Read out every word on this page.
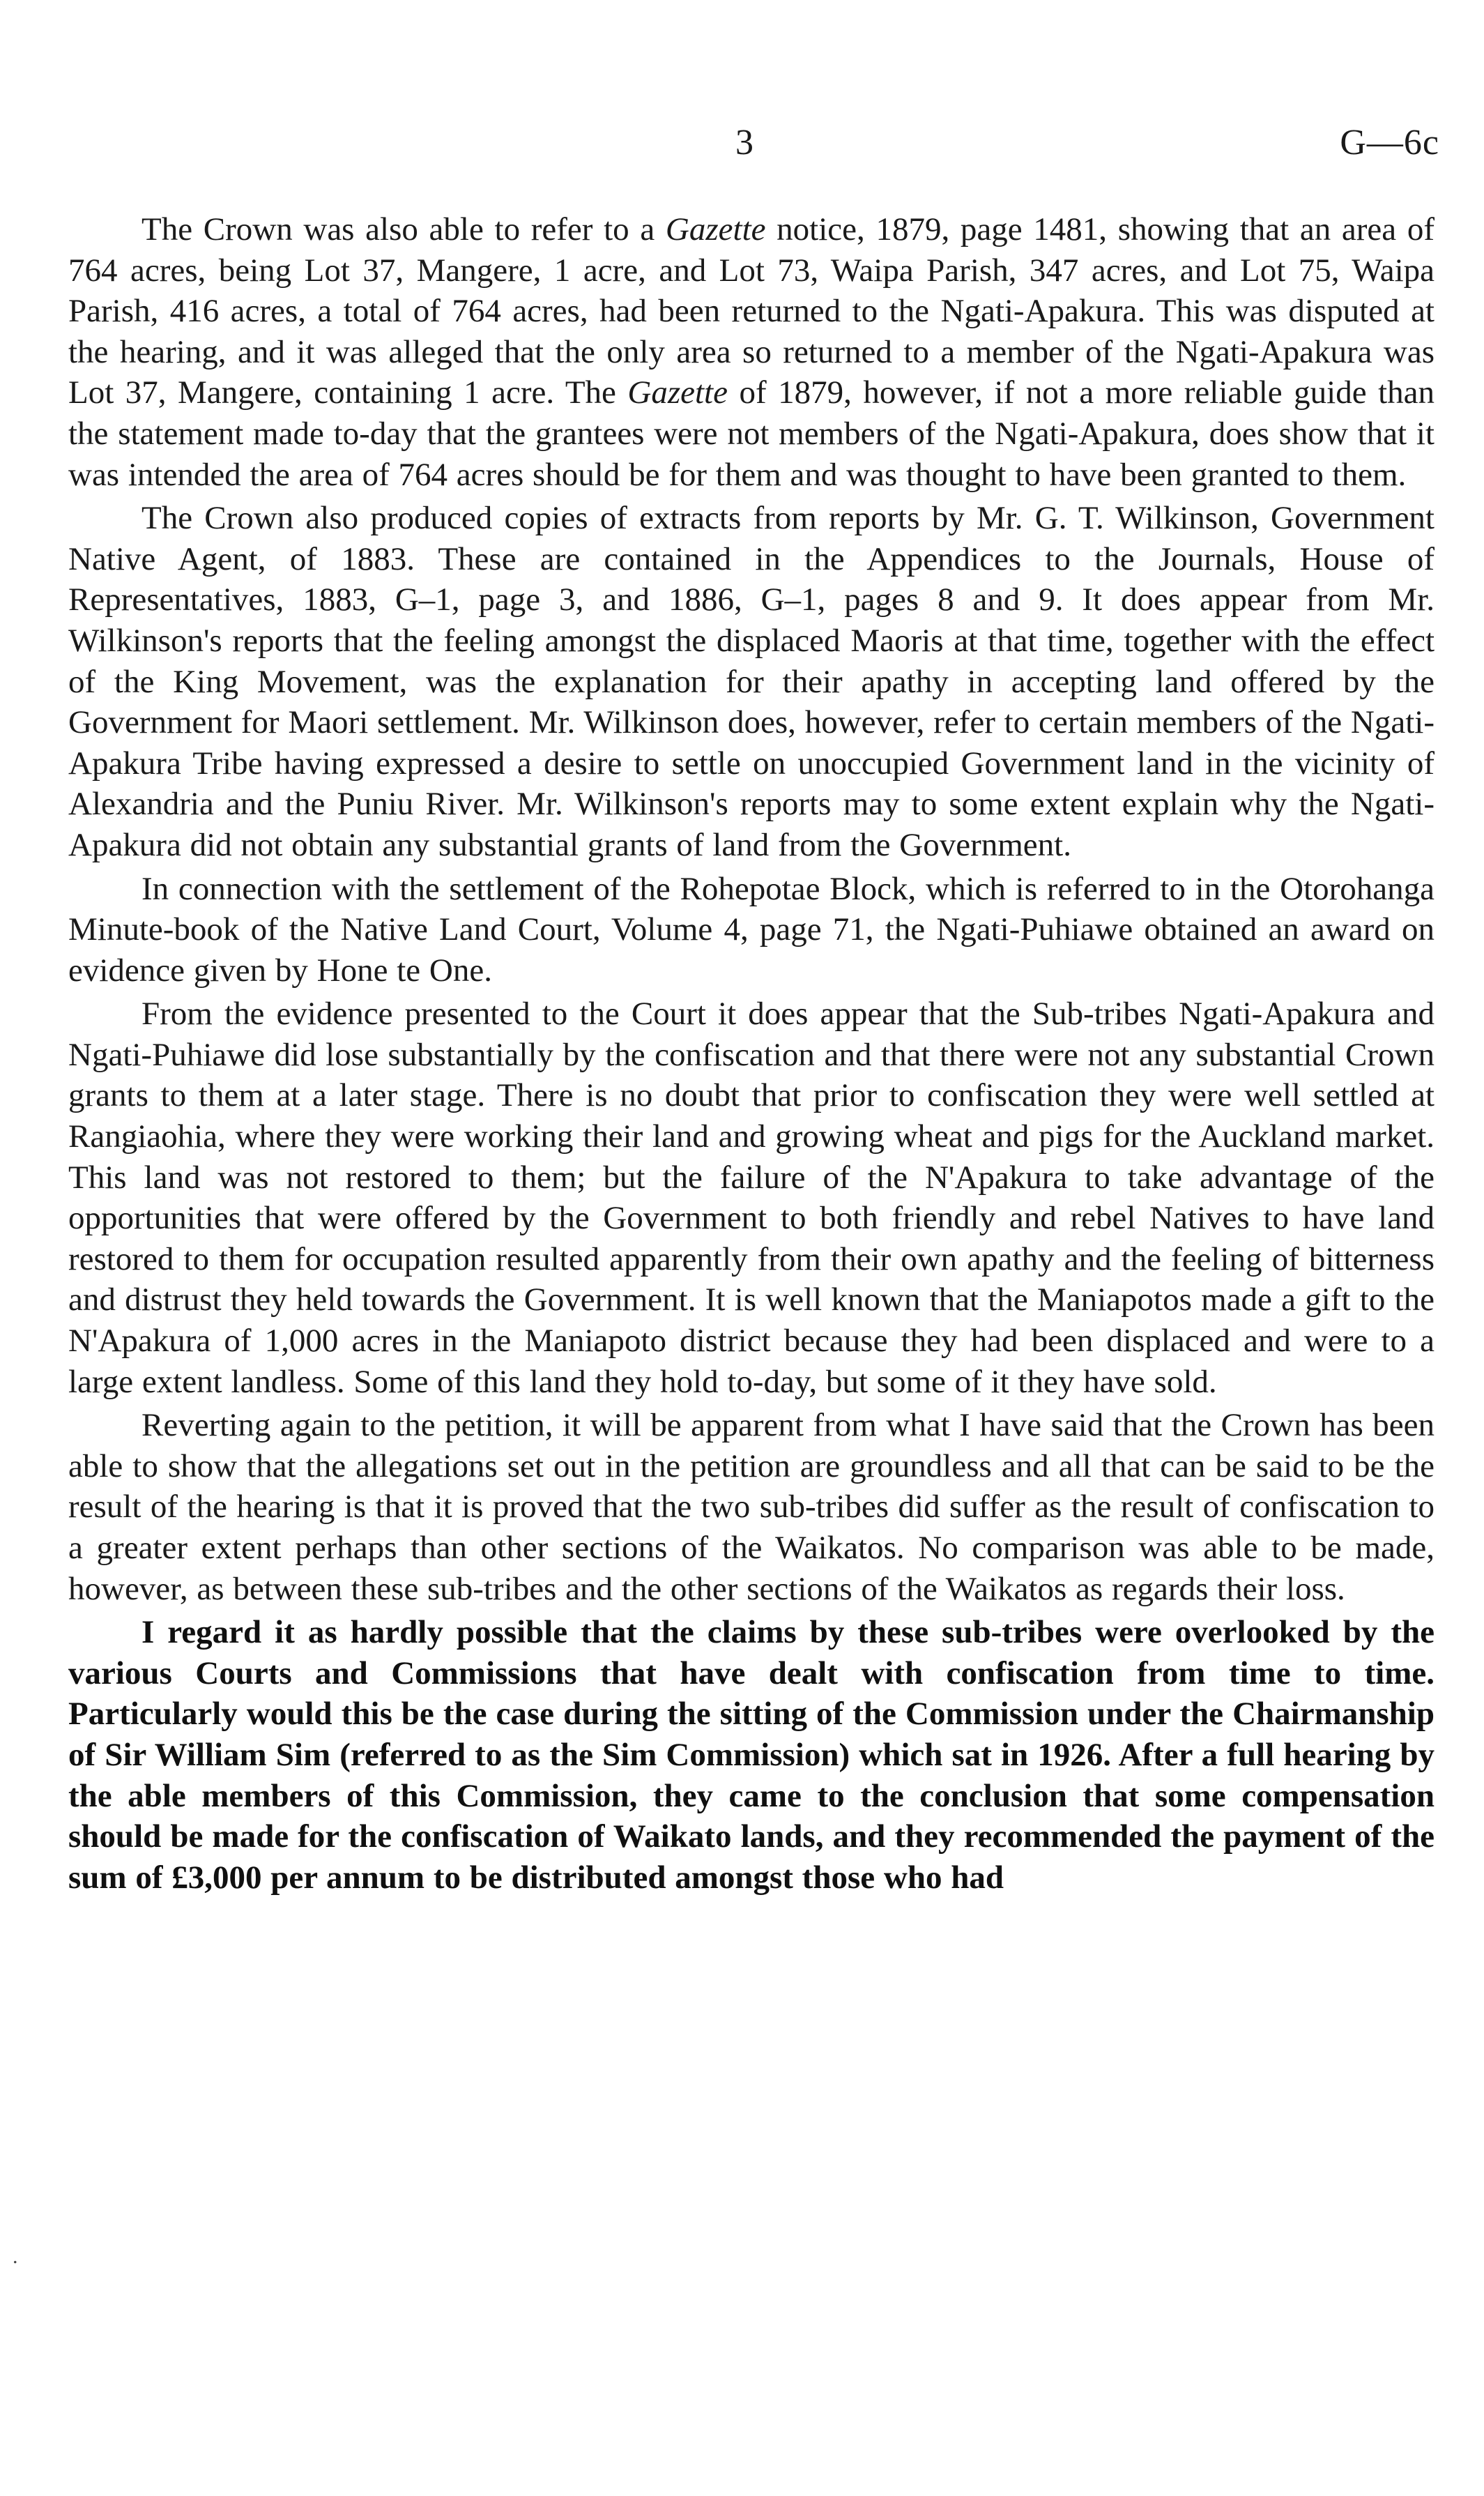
3	G—6c

The Crown was also able to refer to a Gazette notice, 1879, page 1481, showing that an area of 764 acres, being Lot 37, Mangere, 1 acre, and Lot 73, Waipa Parish, 347 acres, and Lot 75, Waipa Parish, 416 acres, a total of 764 acres, had been returned to the Ngati-Apakura. This was disputed at the hearing, and it was alleged that the only area so returned to a member of the Ngati-Apakura was Lot 37, Mangere, containing 1 acre. The Gazette of 1879, however, if not a more reliable guide than the statement made to-day that the grantees were not members of the Ngati-Apakura, does show that it was intended the area of 764 acres should be for them and was thought to have been granted to them.

The Crown also produced copies of extracts from reports by Mr. G. T. Wilkinson, Government Native Agent, of 1883. These are contained in the Appendices to the Journals, House of Representatives, 1883, G–1, page 3, and 1886, G–1, pages 8 and 9. It does appear from Mr. Wilkinson's reports that the feeling amongst the displaced Maoris at that time, together with the effect of the King Movement, was the explanation for their apathy in accepting land offered by the Government for Maori settlement. Mr. Wilkinson does, however, refer to certain members of the Ngati-Apakura Tribe having expressed a desire to settle on unoccupied Government land in the vicinity of Alexandria and the Puniu River. Mr. Wilkinson's reports may to some extent explain why the Ngati-Apakura did not obtain any substantial grants of land from the Government.

In connection with the settlement of the Rohepotae Block, which is referred to in the Otorohanga Minute-book of the Native Land Court, Volume 4, page 71, the Ngati-Puhiawe obtained an award on evidence given by Hone te One.

From the evidence presented to the Court it does appear that the Sub-tribes Ngati-Apakura and Ngati-Puhiawe did lose substantially by the confiscation and that there were not any substantial Crown grants to them at a later stage. There is no doubt that prior to confiscation they were well settled at Rangiaohia, where they were working their land and growing wheat and pigs for the Auckland market. This land was not restored to them; but the failure of the N'Apakura to take advantage of the opportunities that were offered by the Government to both friendly and rebel Natives to have land restored to them for occupation resulted apparently from their own apathy and the feeling of bitterness and distrust they held towards the Government. It is well known that the Maniapotos made a gift to the N'Apakura of 1,000 acres in the Maniapoto district because they had been displaced and were to a large extent landless. Some of this land they hold to-day, but some of it they have sold.

Reverting again to the petition, it will be apparent from what I have said that the Crown has been able to show that the allegations set out in the petition are groundless and all that can be said to be the result of the hearing is that it is proved that the two sub-tribes did suffer as the result of confiscation to a greater extent perhaps than other sections of the Waikatos. No comparison was able to be made, however, as between these sub-tribes and the other sections of the Waikatos as regards their loss.

I regard it as hardly possible that the claims by these sub-tribes were overlooked by the various Courts and Commissions that have dealt with confiscation from time to time. Particularly would this be the case during the sitting of the Commission under the Chairmanship of Sir William Sim (referred to as the Sim Commission) which sat in 1926. After a full hearing by the able members of this Commission, they came to the conclusion that some compensation should be made for the confiscation of Waikato lands, and they recommended the payment of the sum of £3,000 per annum to be distributed amongst those who had

.
